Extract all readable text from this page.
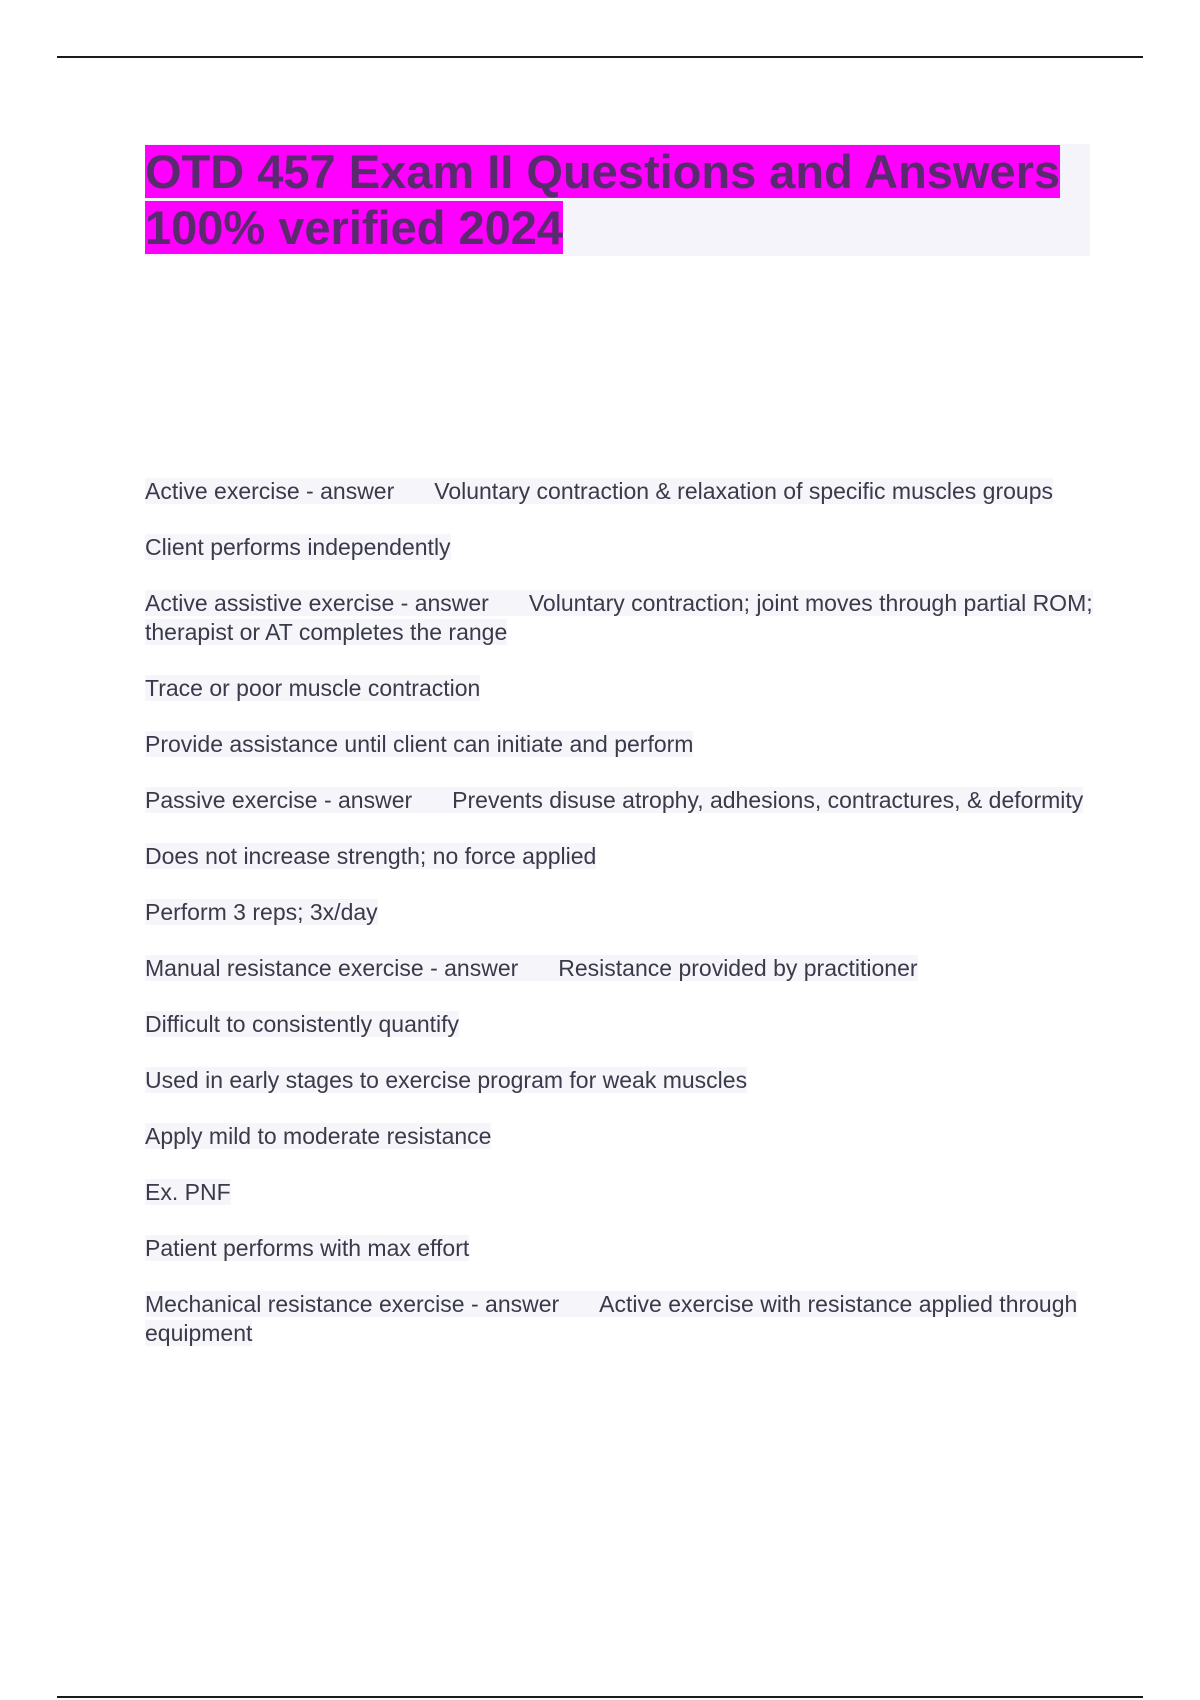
OTD 457 Exam II Questions and Answers
100% verified 2024

Active exercise - answer Voluntary contraction & relaxation of specific muscles groups

Client performs independently

Active assistive exercise - answer Voluntary contraction; joint moves through partial ROM; therapist or AT completes the range

Trace or poor muscle contraction

Provide assistance until client can initiate and perform

Passive exercise - answer Prevents disuse atrophy, adhesions, contractures, & deformity

Does not increase strength; no force applied

Perform 3 reps; 3x/day

Manual resistance exercise - answer Resistance provided by practitioner

Difficult to consistently quantify

Used in early stages to exercise program for weak muscles

Apply mild to moderate resistance

Ex. PNF

Patient performs with max effort

Mechanical resistance exercise - answer Active exercise with resistance applied through equipment
